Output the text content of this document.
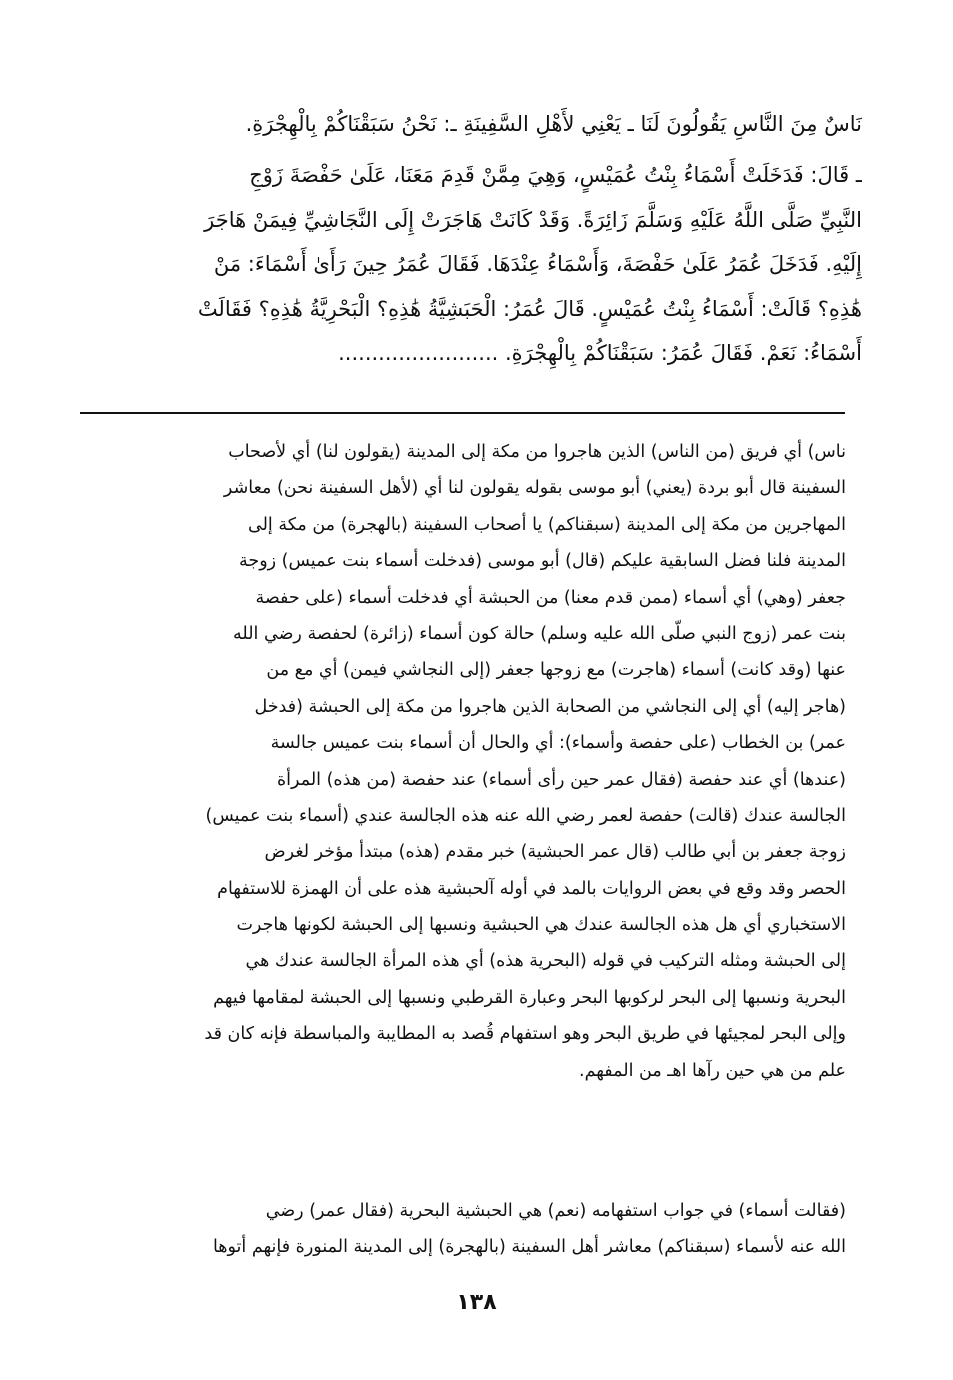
نَاسٌ مِنَ النَّاسِ يَقُولُونَ لَنَا ـ يَعْنِي لأَهْلِ السَّفِينَةِ ـ: نَحْنُ سَبَقْنَاكُمْ بِالْهِجْرَةِ.
ـ قَالَ: فَدَخَلَتْ أَسْمَاءُ بِنْتُ عُمَيْسٍ، وَهِيَ مِمَّنْ قَدِمَ مَعَنَا، عَلَىٰ حَفْصَةَ زَوْجِ
النَّبِيِّ صَلَّى اللَّهُ عَلَيْهِ وَسَلَّمَ زَائِرَةً. وَقَدْ كَانَتْ هَاجَرَتْ إِلَى النَّجَاشِيِّ فِيمَنْ هَاجَرَ
إِلَيْهِ. فَدَخَلَ عُمَرُ عَلَىٰ حَفْصَةَ، وَأَسْمَاءُ عِنْدَهَا. فَقَالَ عُمَرُ حِينَ رَأَىٰ أَسْمَاءَ: مَنْ
هَٰذِهِ؟ قَالَتْ: أَسْمَاءُ بِنْتُ عُمَيْسٍ. قَالَ عُمَرُ: الْحَبَشِيَّةُ هَٰذِهِ؟ الْبَحْرِيَّةُ هَٰذِهِ؟ فَقَالَتْ
أَسْمَاءُ: نَعَمْ. فَقَالَ عُمَرُ: سَبَقْنَاكُمْ بِالْهِجْرَةِ. ........................
ناس) أي فريق (من الناس) الذين هاجروا من مكة إلى المدينة (يقولون لنا) أي لأصحاب
السفينة قال أبو بردة (يعني) أبو موسى بقوله يقولون لنا أي (لأهل السفينة نحن) معاشر
المهاجرين من مكة إلى المدينة (سبقناكم) يا أصحاب السفينة (بالهجرة) من مكة إلى
المدينة فلنا فضل السابقية عليكم (قال) أبو موسى (فدخلت أسماء بنت عميس) زوجة
جعفر (وهي) أي أسماء (ممن قدم معنا) من الحبشة أي فدخلت أسماء (على حفصة
بنت عمر (زوج النبي صلّى الله عليه وسلم) حالة كون أسماء (زائرة) لحفصة رضي الله
عنها (وقد كانت) أسماء (هاجرت) مع زوجها جعفر (إلى النجاشي فيمن) أي مع من
(هاجر إليه) أي إلى النجاشي من الصحابة الذين هاجروا من مكة إلى الحبشة (فدخل
عمر) بن الخطاب (على حفصة وأسماء): أي والحال أن أسماء بنت عميس جالسة
(عندها) أي عند حفصة (فقال عمر حين رأى أسماء) عند حفصة (من هذه) المرأة
الجالسة عندك (قالت) حفصة لعمر رضي الله عنه هذه الجالسة عندي (أسماء بنت عميس)
زوجة جعفر بن أبي طالب (قال عمر الحبشية) خبر مقدم (هذه) مبتدأ مؤخر لغرض
الحصر وقد وقع في بعض الروايات بالمد في أوله آلحبشية هذه على أن الهمزة للاستفهام
الاستخباري أي هل هذه الجالسة عندك هي الحبشية ونسبها إلى الحبشة لكونها هاجرت
إلى الحبشة ومثله التركيب في قوله (البحرية هذه) أي هذه المرأة الجالسة عندك هي
البحرية ونسبها إلى البحر لركوبها البحر وعبارة القرطبي ونسبها إلى الحبشة لمقامها فيهم
وإلى البحر لمجيئها في طريق البحر وهو استفهام قُصد به المطايبة والمباسطة فإنه كان قد
علم من هي حين رآها اهـ من المفهم.
(فقالت أسماء) في جواب استفهامه (نعم) هي الحبشية البحرية (فقال عمر) رضي
الله عنه لأسماء (سبقناكم) معاشر أهل السفينة (بالهجرة) إلى المدينة المنورة فإنهم أتوها
١٣٨
